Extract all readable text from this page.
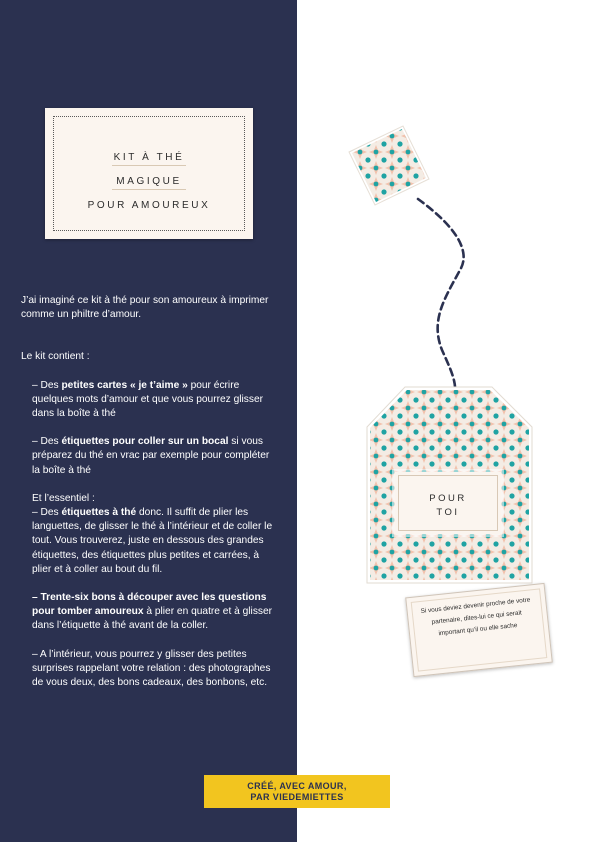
KIT À THÉ
MAGIQUE
POUR AMOUREUX

J’ai imaginé ce kit à thé pour son amoureux à imprimer comme un philtre d’amour.

Le kit contient :

– Des petites cartes « je t’aime » pour écrire quelques mots d’amour et que vous pourrez glisser dans la boîte à thé

– Des étiquettes pour coller sur un bocal si vous préparez du thé en vrac par exemple pour compléter la boîte à thé

Et l’essentiel :

– Des étiquettes à thé donc. Il suffit de plier les languettes, de glisser le thé à l’intérieur et de coller le tout. Vous trouverez, juste en dessous des grandes étiquettes, des étiquettes plus petites et carrées, à plier et à coller au bout du fil.

– Trente-six bons à découper avec les questions pour tomber amoureux à plier en quatre et à glisser dans l’étiquette à thé avant de la coller.

– A l’intérieur, vous pourrez y glisser des petites surprises rappelant votre relation : des photographes de vous deux, des bons cadeaux, des bonbons, etc.

POUR
TOI
Si vous deviez devenir proche de votre partenaire, dites-lui ce qui serait important qu’il ou elle sache
CRÉÉ, AVEC AMOUR,
PAR VIEDEMIETTES
